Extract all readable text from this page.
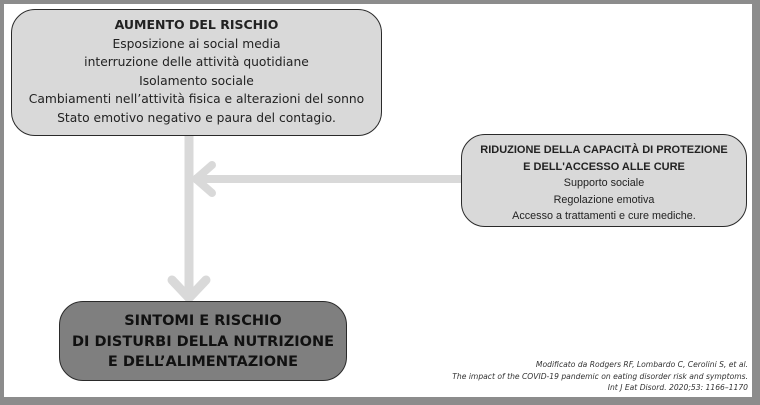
AUMENTO DEL RISCHIO
Esposizione ai social media
interruzione delle attività quotidiane
Isolamento sociale
Cambiamenti nell’attività fisica e alterazioni del sonno
Stato emotivo negativo e paura del contagio.
RIDUZIONE DELLA CAPACITÀ DI PROTEZIONE
E DELL'ACCESSO ALLE CURE
Supporto sociale
Regolazione emotiva
Accesso a trattamenti e cure mediche.
SINTOMI E RISCHIO
DI DISTURBI DELLA NUTRIZIONE
E DELL’ALIMENTAZIONE	Modificato da Rodgers RF, Lombardo C, Cerolini S, et al.
The impact of the COVID-19 pandemic on eating disorder risk and symptoms.
Int J Eat Disord. 2020;53: 1166–1170
